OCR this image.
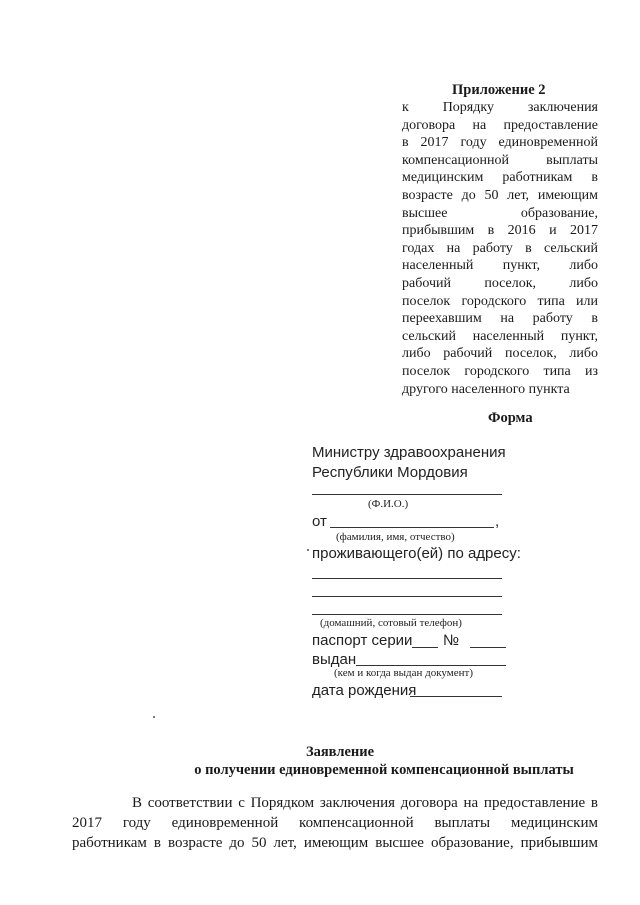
Приложение 2
к Порядку заключения
договора на предоставление
в 2017 году единовременной
компенсационной выплаты
медицинским работникам в
возрасте до 50 лет, имеющим
высшее образование,
прибывшим в 2016 и 2017
годах на работу в сельский
населенный пункт, либо
рабочий поселок, либо
поселок городского типа или
переехавшим на работу в
сельский населенный пункт,
либо рабочий поселок, либо
поселок городского типа из
другого населенного пункта
Форма
Министру здравоохранения
Республики Мордовия
(Ф.И.О.)
от	,
(фамилия, имя, отчество)
проживающего(ей) по адресу:
(домашний, сотовый телефон)
паспорт серии №
выдан
(кем и когда выдан документ)
дата рождения
Заявление
о получении единовременной компенсационной выплаты
В соответствии с Порядком заключения договора на предоставление в
2017 году единовременной компенсационной выплаты медицинским
работникам в возрасте до 50 лет, имеющим высшее образование, прибывшим
